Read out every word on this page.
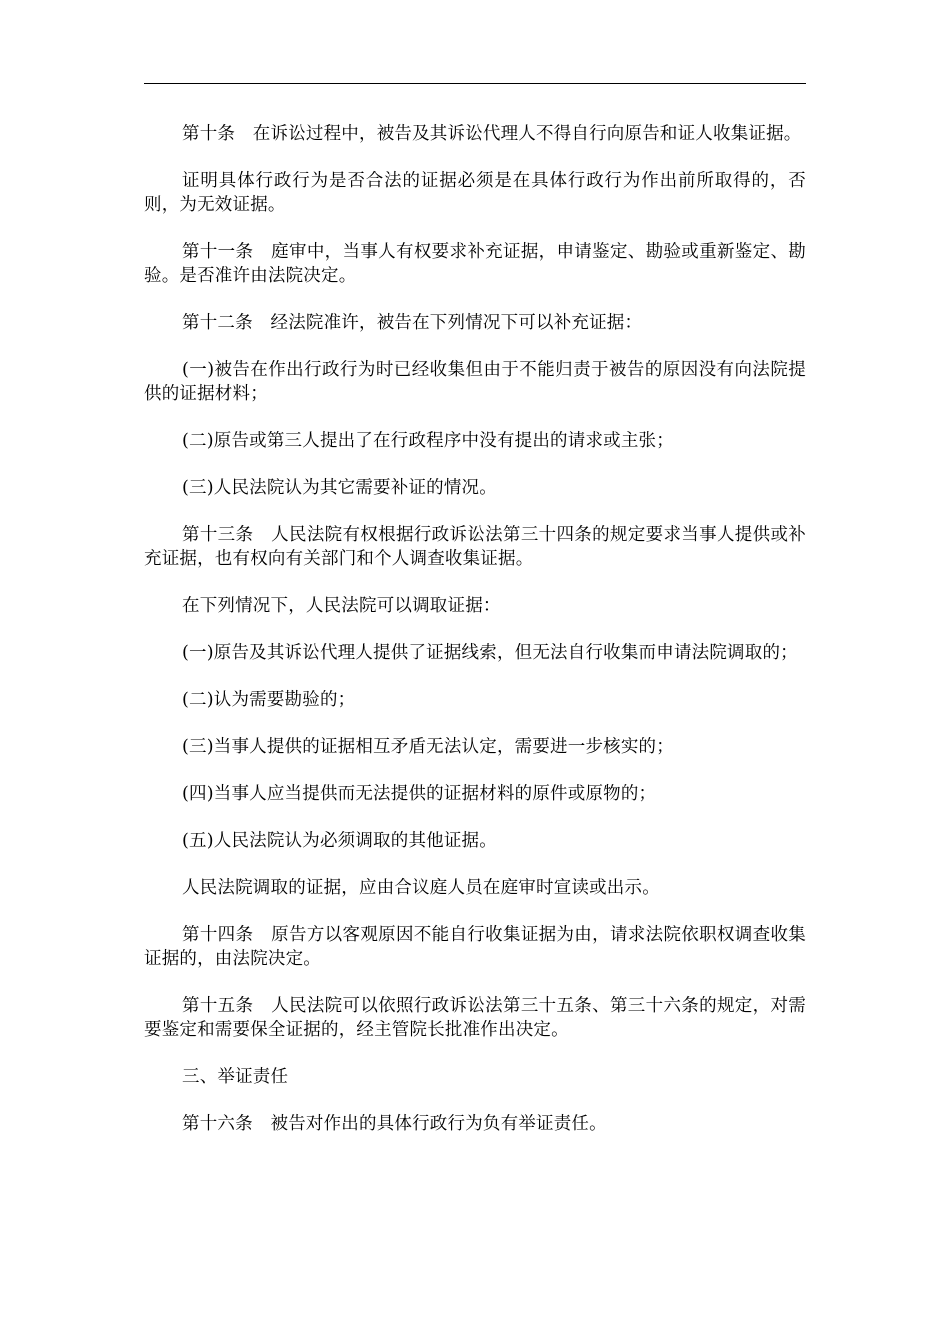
第十条　在诉讼过程中，被告及其诉讼代理人不得自行向原告和证人收集证据。

证明具体行政行为是否合法的证据必须是在具体行政行为作出前所取得的，否则，为无效证据。

第十一条　庭审中，当事人有权要求补充证据，申请鉴定、勘验或重新鉴定、勘验。是否准许由法院决定。

第十二条　经法院准许，被告在下列情况下可以补充证据：

(一)被告在作出行政行为时已经收集但由于不能归责于被告的原因没有向法院提供的证据材料；

(二)原告或第三人提出了在行政程序中没有提出的请求或主张；

(三)人民法院认为其它需要补证的情况。

第十三条　人民法院有权根据行政诉讼法第三十四条的规定要求当事人提供或补充证据，也有权向有关部门和个人调查收集证据。

在下列情况下，人民法院可以调取证据：

(一)原告及其诉讼代理人提供了证据线索，但无法自行收集而申请法院调取的；

(二)认为需要勘验的；

(三)当事人提供的证据相互矛盾无法认定，需要进一步核实的；

(四)当事人应当提供而无法提供的证据材料的原件或原物的；

(五)人民法院认为必须调取的其他证据。

人民法院调取的证据，应由合议庭人员在庭审时宣读或出示。

第十四条　原告方以客观原因不能自行收集证据为由，请求法院依职权调查收集证据的，由法院决定。

第十五条　人民法院可以依照行政诉讼法第三十五条、第三十六条的规定，对需要鉴定和需要保全证据的，经主管院长批准作出决定。

三、举证责任

第十六条　被告对作出的具体行政行为负有举证责任。
